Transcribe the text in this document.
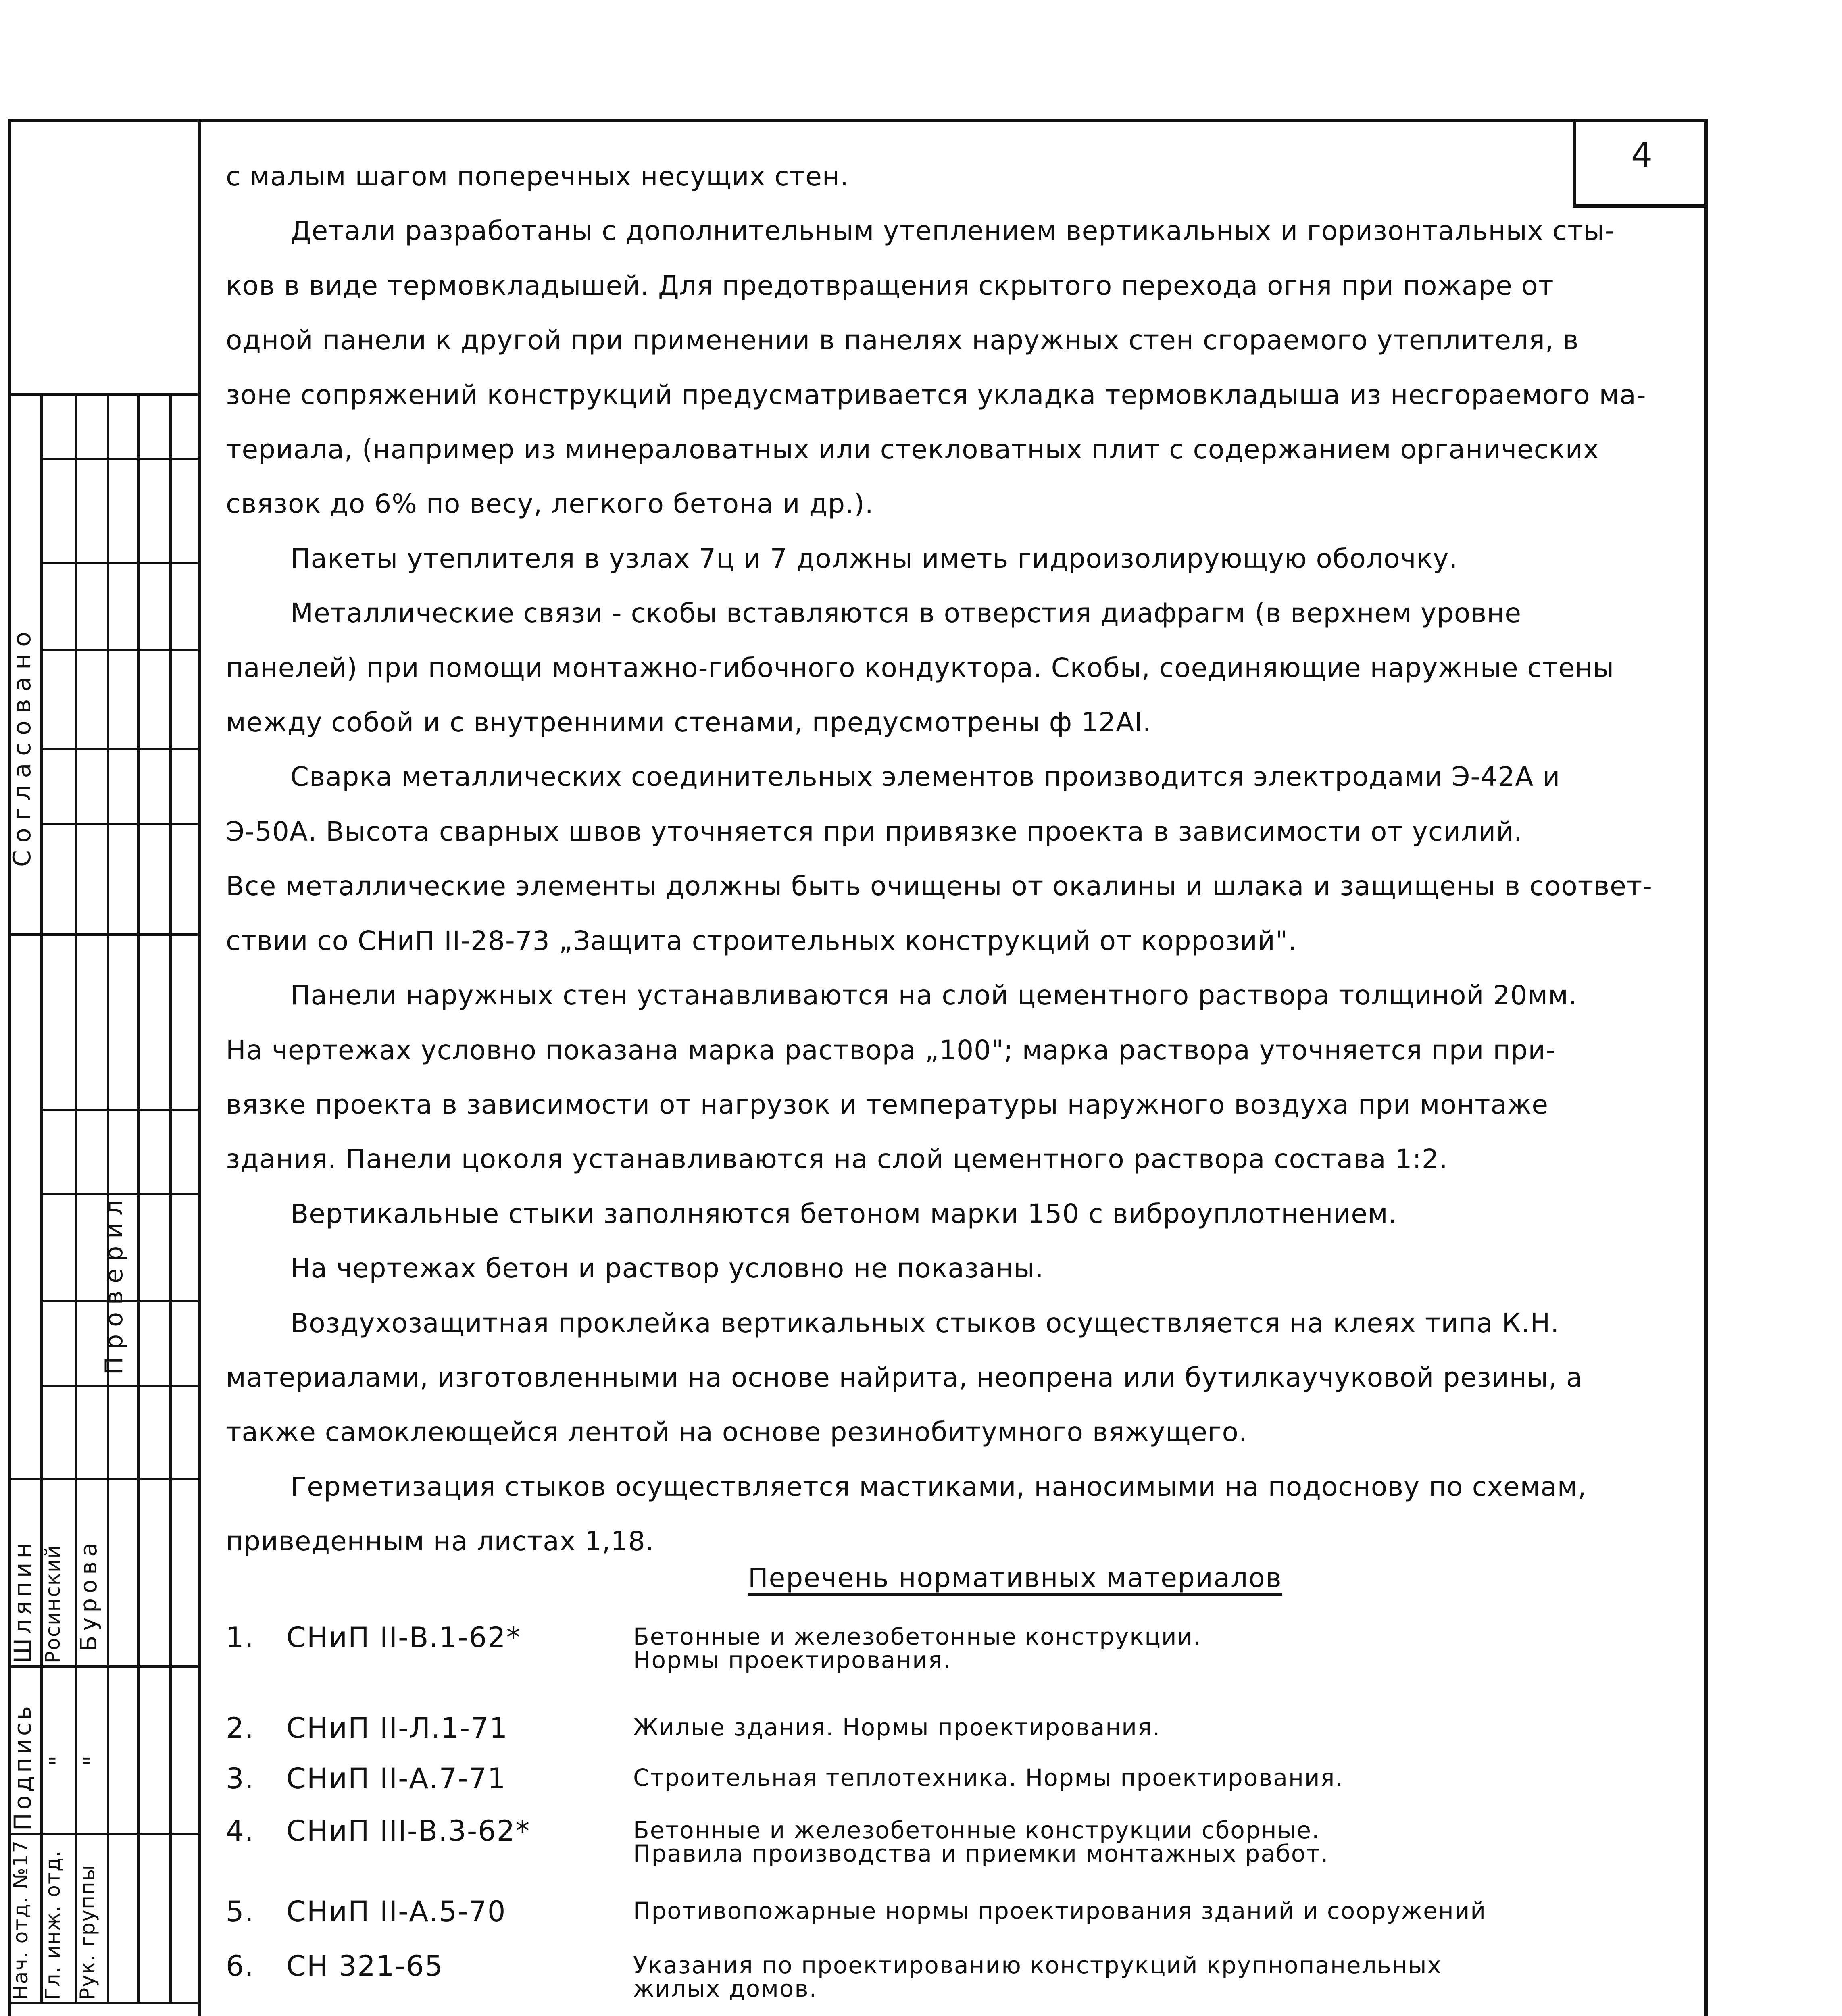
4

с малым шагом поперечных несущих стен.

Детали разработаны с дополнительным утеплением вертикальных и горизонтальных сты-

ков в виде термовкладышей. Для предотвращения скрытого перехода огня при пожаре от

одной панели к другой при применении в панелях наружных стен сгораемого утеплителя, в

зоне сопряжений конструкций предусматривается укладка термовкладыша из несгораемого ма-

териала, (например из минераловатных или стекловатных плит с содержанием органических

связок до 6% по весу, легкого бетона и др.).

Пакеты утеплителя в узлах 7ц и 7 должны иметь гидроизолирующую оболочку.

Металлические связи - скобы вставляются в отверстия диафрагм (в верхнем уровне

панелей) при помощи монтажно-гибочного кондуктора. Скобы, соединяющие наружные стены

между собой и с внутренними стенами, предусмотрены ф 12АI.

Сварка металлических соединительных элементов производится электродами Э-42А и

Э-50А. Высота сварных швов уточняется при привязке проекта в зависимости от усилий.

Все металлические элементы должны быть очищены от окалины и шлака и защищены в соответ-

ствии со СНиП II-28-73 „Защита строительных конструкций от коррозий".

Панели наружных стен устанавливаются на слой цементного раствора толщиной 20мм.

На чертежах условно показана марка раствора „100"; марка раствора уточняется при при-

вязке проекта в зависимости от нагрузок и температуры наружного воздуха при монтаже

здания. Панели цоколя устанавливаются на слой цементного раствора состава 1:2.

Вертикальные стыки заполняются бетоном марки 150 с виброуплотнением.

На чертежах бетон и раствор условно не показаны.

Воздухозащитная проклейка вертикальных стыков осуществляется на клеях типа К.Н.

материалами, изготовленными на основе найрита, неопрена или бутилкаучуковой резины, а

также самоклеющейся лентой на основе резинобитумного вяжущего.

Герметизация стыков осуществляется мастиками, наносимыми на подоснову по схемам,

приведенным на листах 1,18.

Перечень нормативных материалов
1. СНиП II-В.1-62*	Бетонные и железобетонные конструкции.
Нормы проектирования.
2. СНиП II-Л.1-71	Жилые здания. Нормы проектирования.
3. СНиП II-А.7-71	Строительная теплотехника. Нормы проектирования.
4. СНиП III-В.3-62*	Бетонные и железобетонные конструкции сборные.
Правила производства и приемки монтажных работ.
5. СНиП II-А.5-70	Противопожарные нормы проектирования зданий и сооружений
6. СН 321-65	Указания по проектированию конструкций крупнопанельных
жилых домов.
Согласовано
Проверил
Шляпин Росинский Бурова
Подпись " "
Нач. отд. №17 Гл. инж. отд. Рук. группы
